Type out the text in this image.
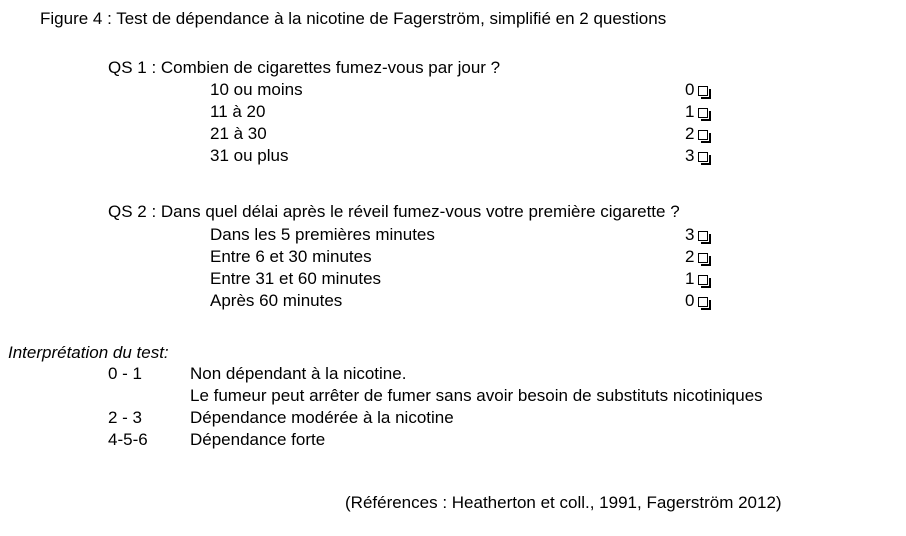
Figure 4 : Test de dépendance à la nicotine de Fagerström, simplifié en 2 questions
QS 1 : Combien de cigarettes fumez-vous par jour ?
10 ou moins	0
11 à 20	1
21 à 30	2
31 ou plus	3
QS 2 : Dans quel délai après le réveil fumez-vous votre première cigarette ?
Dans les 5 premières minutes	3
Entre 6 et 30 minutes	2
Entre 31 et 60 minutes	1
Après 60 minutes	0
Interprétation du test:
0 - 1	Non dépendant à la nicotine.
Le fumeur peut arrêter de fumer sans avoir besoin de substituts nicotiniques
2 - 3	Dépendance modérée à la nicotine
4-5-6 Dépendance forte
(Références : Heatherton et coll., 1991, Fagerström 2012)
